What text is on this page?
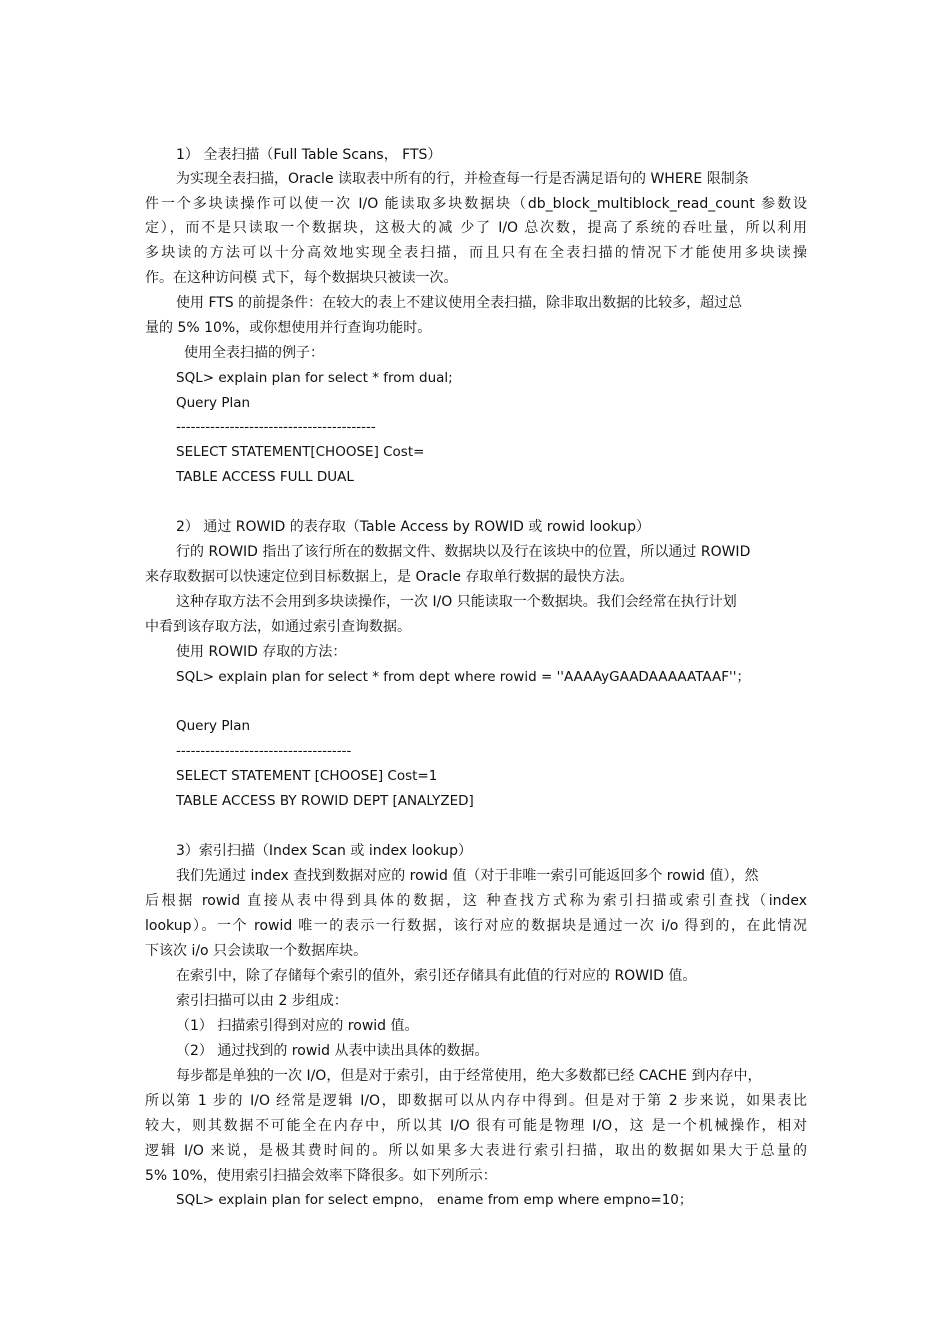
1） 全表扫描（Full Table Scans， FTS）
为实现全表扫描，Oracle 读取表中所有的行，并检查每一行是否满足语句的 WHERE 限制条
件一个多块读操作可以使一次 I/O 能读取多块数据块（db_block_multiblock_read_count 参数设
定），而不是只读取一个数据块，这极大的减 少了 I/O 总次数，提高了系统的吞吐量，所以利用
多块读的方法可以十分高效地实现全表扫描，而且只有在全表扫描的情况下才能使用多块读操
作。在这种访问模 式下，每个数据块只被读一次。
使用 FTS 的前提条件：在较大的表上不建议使用全表扫描，除非取出数据的比较多，超过总
量的 5% 10%，或你想使用并行查询功能时。
使用全表扫描的例子：
SQL> explain plan for select * from dual;
Query Plan
-----------------------------------------
SELECT STATEMENT[CHOOSE] Cost=
TABLE ACCESS FULL DUAL
2） 通过 ROWID 的表存取（Table Access by ROWID 或 rowid lookup）
行的 ROWID 指出了该行所在的数据文件、数据块以及行在该块中的位置，所以通过 ROWID
来存取数据可以快速定位到目标数据上，是 Oracle 存取单行数据的最快方法。
这种存取方法不会用到多块读操作，一次 I/O 只能读取一个数据块。我们会经常在执行计划
中看到该存取方法，如通过索引查询数据。
使用 ROWID 存取的方法：
SQL> explain plan for select * from dept where rowid = ''AAAAyGAADAAAAATAAF''；
Query Plan
------------------------------------
SELECT STATEMENT [CHOOSE] Cost=1
TABLE ACCESS BY ROWID DEPT [ANALYZED]
3）索引扫描（Index Scan 或 index lookup）
我们先通过 index 查找到数据对应的 rowid 值（对于非唯一索引可能返回多个 rowid 值），然
后根据 rowid 直接从表中得到具体的数据，这 种查找方式称为索引扫描或索引查找（index
lookup）。一个 rowid 唯一的表示一行数据，该行对应的数据块是通过一次 i/o 得到的，在此情况
下该次 i/o 只会读取一个数据库块。
在索引中，除了存储每个索引的值外，索引还存储具有此值的行对应的 ROWID 值。
索引扫描可以由 2 步组成：
（1） 扫描索引得到对应的 rowid 值。
（2） 通过找到的 rowid 从表中读出具体的数据。
每步都是单独的一次 I/O，但是对于索引，由于经常使用，绝大多数都已经 CACHE 到内存中，
所以第 1 步的 I/O 经常是逻辑 I/O，即数据可以从内存中得到。但是对于第 2 步来说，如果表比
较大，则其数据不可能全在内存中，所以其 I/O 很有可能是物理 I/O，这 是一个机械操作，相对
逻辑 I/O 来说，是极其费时间的。所以如果多大表进行索引扫描，取出的数据如果大于总量的
5% 10%，使用索引扫描会效率下降很多。如下列所示：
SQL> explain plan for select empno， ename from emp where empno=10；
